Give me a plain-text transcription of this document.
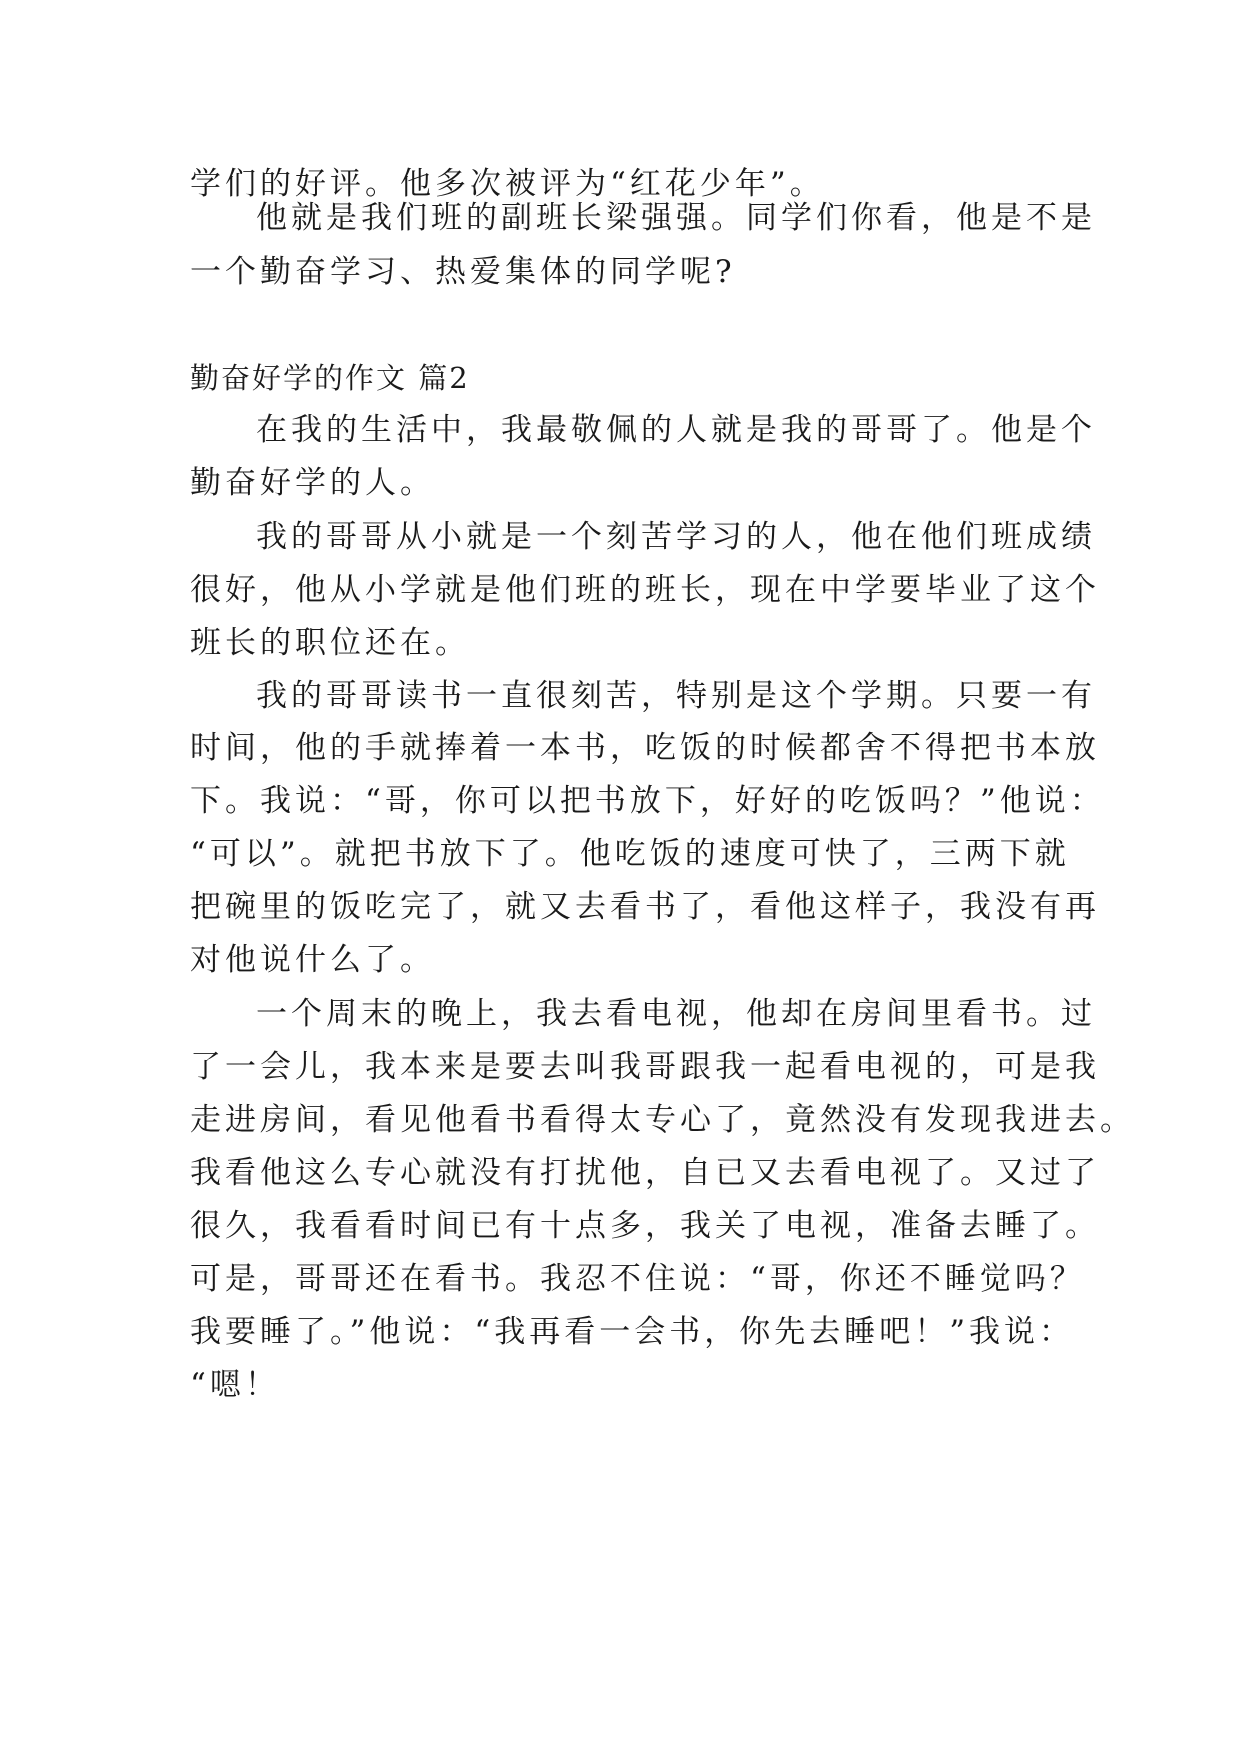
学们的好评。他多次被评为“红花少年”。
他就是我们班的副班长梁强强。同学们你看，他是不是
一个勤奋学习、热爱集体的同学呢?
勤奋好学的作文 篇2
在我的生活中，我最敬佩的人就是我的哥哥了。他是个
勤奋好学的人。
我的哥哥从小就是一个刻苦学习的人，他在他们班成绩
很好，他从小学就是他们班的班长，现在中学要毕业了这个
班长的职位还在。
我的哥哥读书一直很刻苦，特别是这个学期。只要一有
时间，他的手就捧着一本书，吃饭的时候都舍不得把书本放
下。我说：“哥，你可以把书放下，好好的吃饭吗？”他说：
“可以”。就把书放下了。他吃饭的速度可快了，三两下就
把碗里的饭吃完了，就又去看书了，看他这样子，我没有再
对他说什么了。
一个周末的晚上，我去看电视，他却在房间里看书。过
了一会儿，我本来是要去叫我哥跟我一起看电视的，可是我
走进房间，看见他看书看得太专心了，竟然没有发现我进去。
我看他这么专心就没有打扰他，自已又去看电视了。又过了
很久，我看看时间已有十点多，我关了电视，准备去睡了。
可是，哥哥还在看书。我忍不住说：“哥，你还不睡觉吗？
我要睡了。”他说：“我再看一会书，你先去睡吧！”我说：
“嗯！
